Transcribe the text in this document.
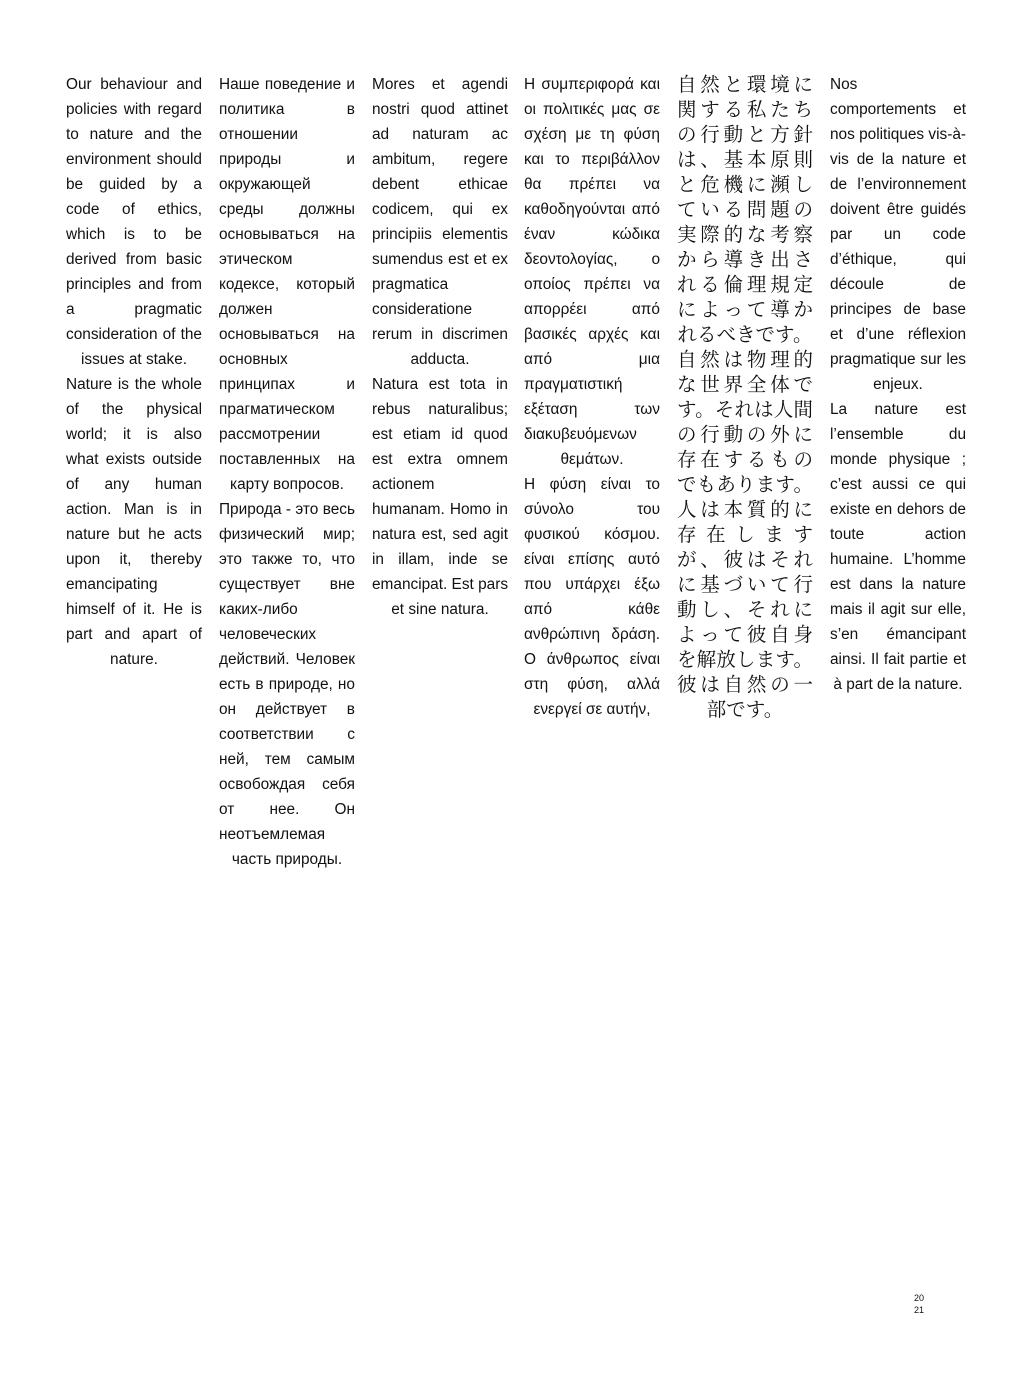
Our behaviour and policies with regard to nature and the environment should be guided by a code of ethics, which is to be derived from basic principles and from a pragmatic consideration of the issues at stake.

Nature is the whole of the physical world; it is also what exists outside of any human action. Man is in nature but he acts upon it, thereby emancipating himself of it. He is part and apart of nature.

Наше поведение и политика в отношении природы и окружающей среды должны основываться на этическом кодексе, который должен основываться на основных принципах и прагматическом рассмотрении поставленных на карту вопросов.

Природа - это весь физический мир; это также то, что существует вне каких-либо человеческих действий. Человек есть в природе, но он действует в соответствии с ней, тем самым освобождая себя от нее. Он неотъемлемая часть природы.

Mores et agendi nostri quod attinet ad naturam ac ambitum, regere debent ethicae codicem, qui ex principiis elementis sumendus est et ex pragmatica consideratione rerum in discrimen adducta.

Natura est tota in rebus naturalibus; est etiam id quod est extra omnem actionem humanam. Homo in natura est, sed agit in illam, inde se emancipat. Est pars et sine natura.

Η συμπεριφορά και οι πολιτικές μας σε σχέση με τη φύση και το περιβάλλον θα πρέπει να καθοδηγούνται από έναν κώδικα δεοντολογίας, ο οποίος πρέπει να απορρέει από βασικές αρχές και από μια πραγματιστική εξέταση των διακυβευόμενων θεμάτων.

Η φύση είναι το σύνολο του φυσικού κόσμου. είναι επίσης αυτό που υπάρχει έξω από κάθε ανθρώπινη δράση. Ο άνθρωπος είναι στη φύση, αλλά ενεργεί σε αυτήν,

自然と環境に関する私たちの行動と方針は、基本原則と危機に瀕している問題の実際的な考察から導き出される倫理規定によって導かれるべきです。

自然は物理的な世界全体です。それは人間の行動の外に存在するものでもあります。人は本質的に存在しますが、彼はそれに基づいて行動し、それによって彼自身を解放します。彼は自然の一部です。

Nos comportements et nos politiques vis-à-vis de la nature et de l’environnement doivent être guidés par un code d’éthique, qui découle de principes de base et d’une réflexion pragmatique sur les enjeux.

La nature est l’ensemble du monde physique ; c’est aussi ce qui existe en dehors de toute action humaine. L’homme est dans la nature mais il agit sur elle, s’en émancipant ainsi. Il fait partie et à part de la nature.

20
21
